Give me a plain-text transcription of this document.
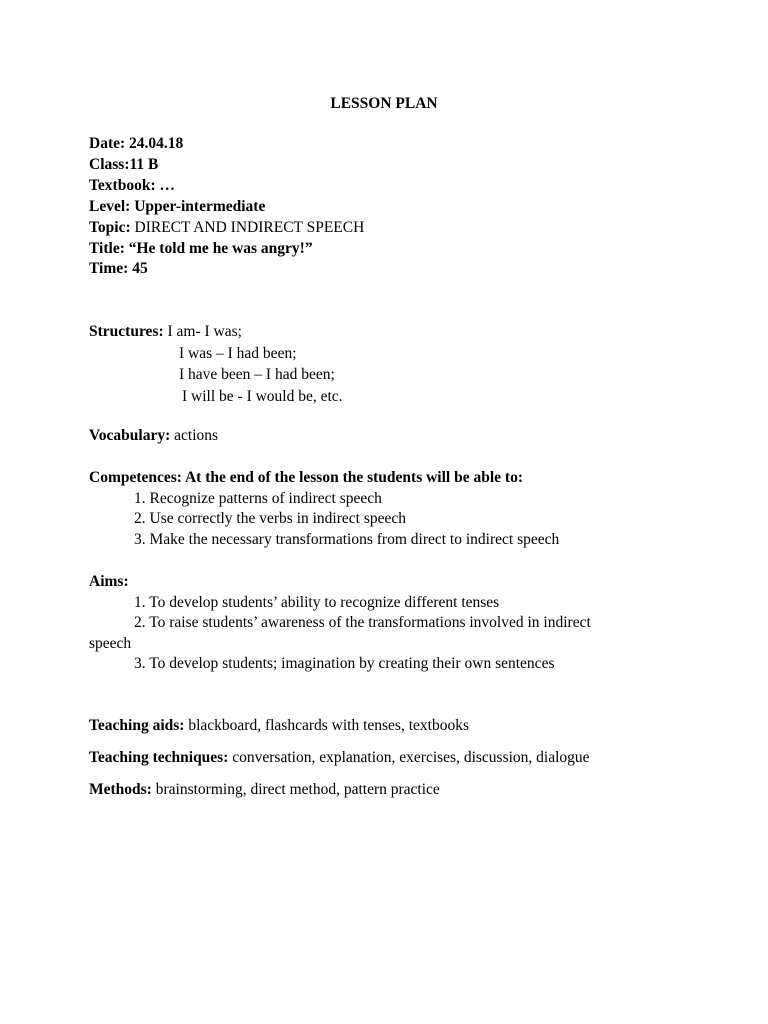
LESSON PLAN
Date: 24.04.18
Class:11 B
Textbook: …
Level: Upper-intermediate
Topic: DIRECT AND INDIRECT SPEECH
Title: “He told me he was angry!”
Time: 45
Structures: I am- I was;
I was – I had been;
I have been – I had been;
I will be - I would be, etc.
Vocabulary: actions
Competences: At the end of the lesson the students will be able to:
1. Recognize patterns of indirect speech
2. Use correctly the verbs in indirect speech
3. Make the necessary transformations from direct to indirect speech
Aims:
1. To develop students’ ability to recognize different tenses
2. To raise students’ awareness of the transformations involved in indirect
speech
3. To develop students; imagination by creating their own sentences
Teaching aids: blackboard, flashcards with tenses, textbooks
Teaching techniques: conversation, explanation, exercises, discussion, dialogue
Methods: brainstorming, direct method, pattern practice
